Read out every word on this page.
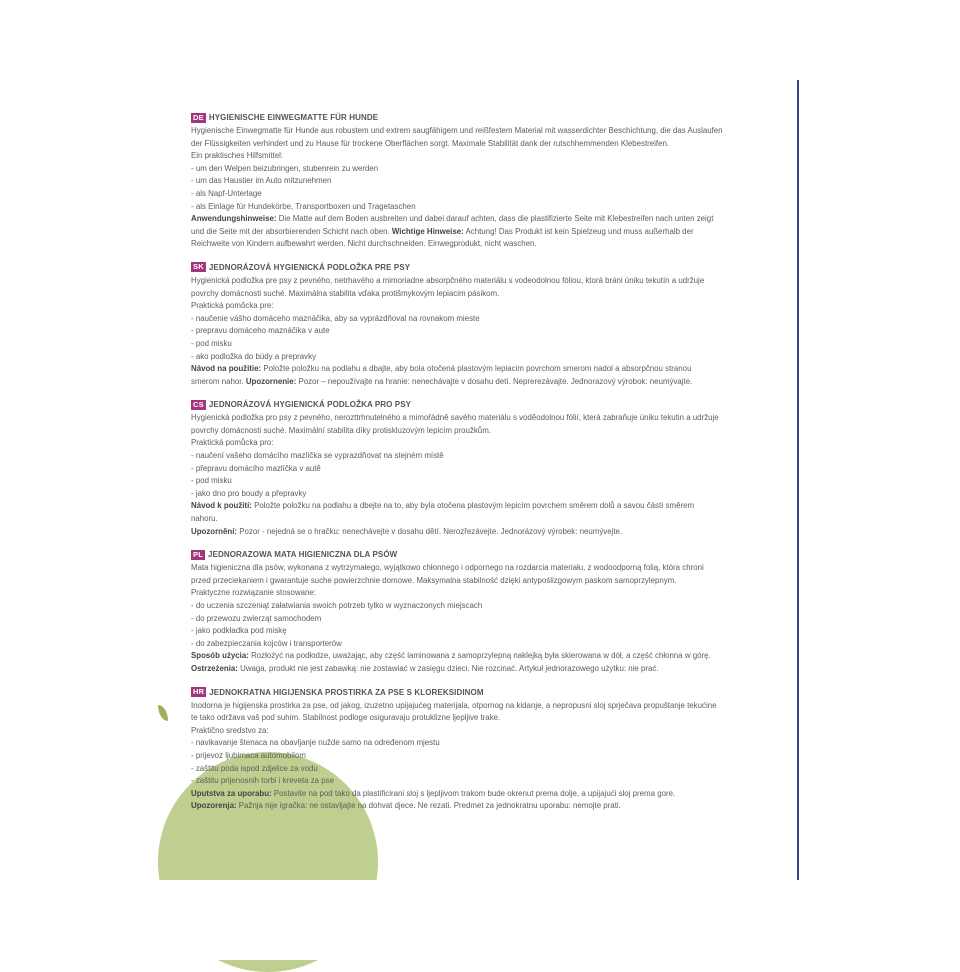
DE HYGIENISCHE EINWEGMATTE FÜR HUNDE
Hygienische Einwegmatte für Hunde aus robustem und extrem saugfähigem und reißfestem Material mit wasserdichter Beschichtung, die das Auslaufen
der Flüssigkeiten verhindert und zu Hause für trockene Oberflächen sorgt. Maximale Stabilität dank der rutschhemmenden Klebestreifen.
Ein praktisches Hilfsmittel:
- um den Welpen beizubringen, stubenrein zu werden
- um das Haustier im Auto mitzunehmen
- als Napf-Unterlage
- als Einlage für Hundekörbe, Transportboxen und Tragetaschen
Anwendungshinweise: Die Matte auf dem Boden ausbreiten und dabei darauf achten, dass die plastifizierte Seite mit Klebestreifen nach unten zeigt
und die Seite mit der absorbierenden Schicht nach oben. Wichtige Hinweise: Achtung! Das Produkt ist kein Spielzeug und muss außerhalb der
Reichweite von Kindern aufbewahrt werden. Nicht durchschneiden. Einwegprodukt, nicht waschen.
SK JEDNORÁZOVÁ HYGIENICKÁ PODLOŽKA PRE PSY
Hygienická podložka pre psy z pevného, netrhavého a mimoriadne absorpčného materiálu s vodeodolnou fóliou, ktorá bráni úniku tekutín a udržuje
povrchy domácnosti suché. Maximálna stabilita vďaka protišmykovým lepiacim pásikom.
Praktická pomôcka pre:
- naučenie vášho domáceho maznáčika, aby sa vyprázdňoval na rovnakom mieste
- prepravu domáceho maznáčika v aute
- pod misku
- ako podložka do búdy a prepravky
Návod na použitie: Položte položku na podlahu a dbajte, aby bola otočená plastovým lepiacim povrchom smerom nadol a absorpčnou stranou
smerom nahor. Upozornenie: Pozor – nepoužívajte na hranie: nenechávajte v dosahu detí. Neprerezávajte. Jednorazový výrobok: neumývajte.
CS JEDNORÁZOVÁ HYGIENICKÁ PODLOŽKA PRO PSY
Hygienická podložka pro psy z pevného, nerozttrhnutelného a mimořádně savého materiálu s voděodolnou fólií, která zabraňuje úniku tekutin a udržuje
povrchy domácnosti suché. Maximální stabilita díky protiskluzovým lepicím proužkům.
Praktická pomůcka pro:
- naučení vašeho domácího mazlíčka se vyprazdňovat na stejném místě
- přepravu domácího mazlíčka v autě
- pod misku
- jako dno pro boudy a přepravky
Návod k použití: Položte položku na podlahu a dbejte na to, aby byla otočena plastovým lepicím povrchem směrem dolů a savou částí směrem
nahoru.
Upozornění: Pozor - nejedná se o hračku: nenechávejte v dosahu dětí. Nerozřezávejte. Jednorázový výrobek: neumývejte.
PL JEDNORAZOWA MATA HIGIENICZNA DLA PSÓW
Mata higieniczna dla psów, wykonana z wytrzymałego, wyjątkowo chłonnego i odpornego na rozdarcia materiału, z wodoodporną folią, która chroni
przed przeciekaniem i gwarantuje suche powierzchnie domowe. Maksymalna stabilność dzięki antypoślizgowym paskom samoprzylepnym.
Praktyczne rozwiązanie stosowane:
- do uczenia szczeniąt załatwiania swoich potrzeb tylko w wyznaczonych miejscach
- do przewozu zwierząt samochodem
- jako podkładka pod miskę
- do zabezpieczania kojców i transporterów
Sposób użycia: Rozłożyć na podłodze, uważając, aby część laminowana z samoprzylepną naklejką była skierowana w dół, a część chłonna w górę.
Ostrzeżenia: Uwaga, produkt nie jest zabawką: nie zostawiać w zasięgu dzieci. Nie rozcinać. Artykuł jednorazowego użytku: nie prać.
HR JEDNOKRATNA HIGIJENSKA PROSTIRKA ZA PSE S KLOREKSIDINOM
Inodorna je higijenska prostirka za pse, od jakog, izuzetno upijajućeg materijala, otpornog na kidanje, a nepropusni sloj sprječava propuštanje tekućine
te tako održava vaš pod suhim. Stabilnost podloge osiguravaju protuklizne ljepljive trake.
Praktično sredstvo za:
- navikavanje štenaca na obavljanje nužde samo na određenom mjestu
- prijevoz ljubimaca automobilom
- zaštitu poda ispod zdjelice za vodu
- zaštitu prijenosnih torbi i kreveta za pse
Uputstva za uporabu: Postavite na pod tako da plastificirani sloj s ljepljivom trakom bude okrenut prema dolje, a upijajući sloj prema gore.
Upozorenja: Pažnja nije igračka: ne ostavljajte na dohvat djece. Ne rezati. Predmet za jednokratnu uporabu: nemojte prati.
